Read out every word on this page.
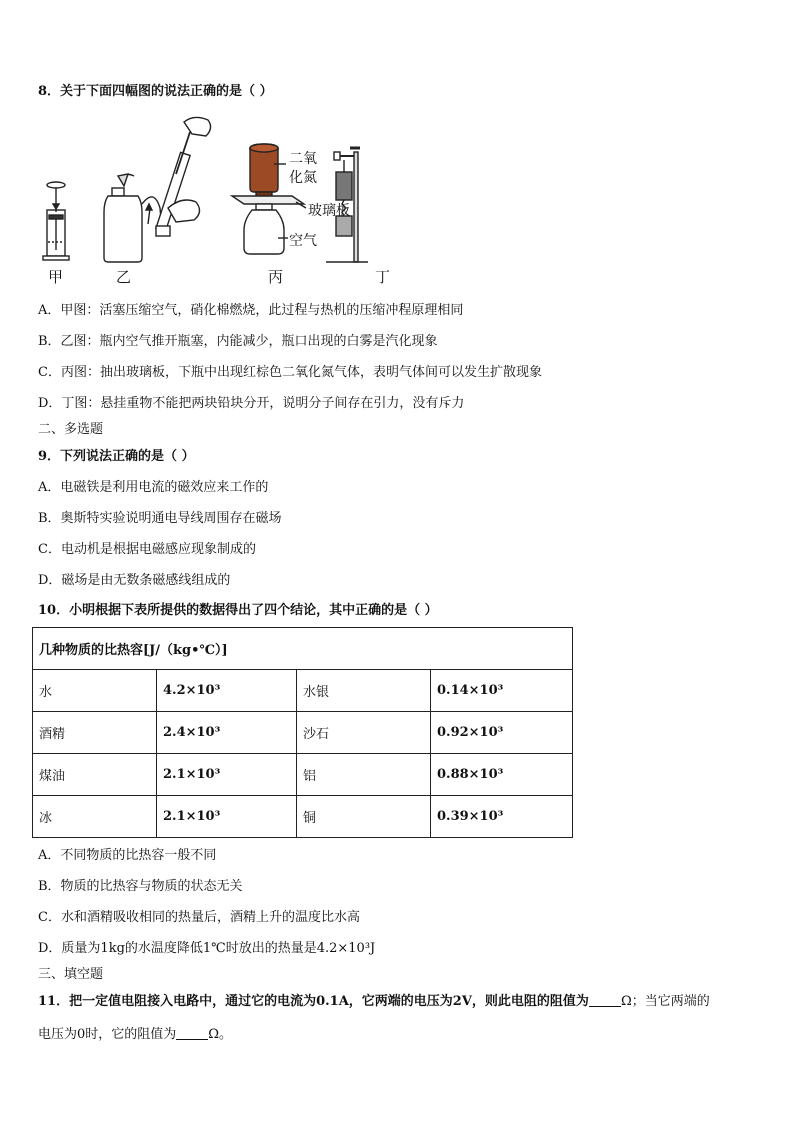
8．关于下面四幅图的说法正确的是（ ）
甲	乙	丙	丁
二氧
化氮
玻璃板
空气
A．甲图：活塞压缩空气，硝化棉燃烧，此过程与热机的压缩冲程原理相同
B．乙图：瓶内空气推开瓶塞，内能减少，瓶口出现的白雾是汽化现象
C．丙图：抽出玻璃板，下瓶中出现红棕色二氧化氮气体，表明气体间可以发生扩散现象
D．丁图：悬挂重物不能把两块铅块分开，说明分子间存在引力，没有斥力
二、多选题
9．下列说法正确的是（ ）
A．电磁铁是利用电流的磁效应来工作的
B．奥斯特实验说明通电导线周围存在磁场
C．电动机是根据电磁感应现象制成的
D．磁场是由无数条磁感线组成的
10．小明根据下表所提供的数据得出了四个结论，其中正确的是（ ）
几种物质的比热容[J/（kg•℃）]			
水	4.2×10³	水银	0.14×10³
酒精	2.4×10³	沙石	0.92×10³
煤油	2.1×10³	铝	0.88×10³
冰	2.1×10³	铜	0.39×10³
A．不同物质的比热容一般不同
B．物质的比热容与物质的状态无关
C．水和酒精吸收相同的热量后，酒精上升的温度比水高
D．质量为1kg的水温度降低1℃时放出的热量是4.2×10³J
三、填空题
11．把一定值电阻接入电路中，通过它的电流为0.1A，它两端的电压为2V，则此电阻的阻值为 Ω；当它两端的
电压为0时，它的阻值为 Ω。
